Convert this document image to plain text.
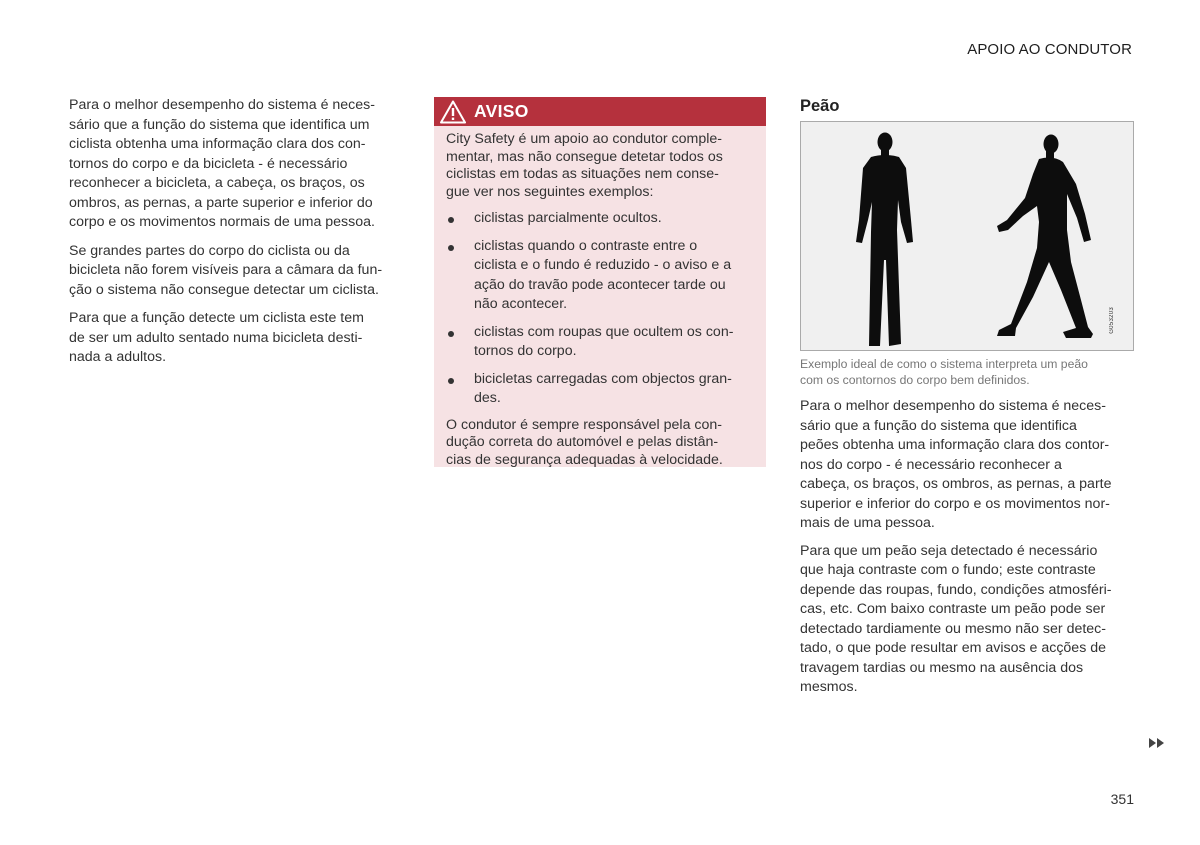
APOIO AO CONDUTOR

Para o melhor desempenho do sistema é neces-
sário que a função do sistema que identifica um
ciclista obtenha uma informação clara dos con-
tornos do corpo e da bicicleta - é necessário
reconhecer a bicicleta, a cabeça, os braços, os
ombros, as pernas, a parte superior e inferior do
corpo e os movimentos normais de uma pessoa.

Se grandes partes do corpo do ciclista ou da
bicicleta não forem visíveis para a câmara da fun-
ção o sistema não consegue detectar um ciclista.

Para que a função detecte um ciclista este tem
de ser um adulto sentado numa bicicleta desti-
nada a adultos.

AVISO

City Safety é um apoio ao condutor comple-
mentar, mas não consegue detetar todos os
ciclistas em todas as situações nem conse-
gue ver nos seguintes exemplos:

ciclistas parcialmente ocultos.
ciclistas quando o contraste entre o
ciclista e o fundo é reduzido - o aviso e a
ação do travão pode acontecer tarde ou
não acontecer.
ciclistas com roupas que ocultem os con-
tornos do corpo.
bicicletas carregadas com objectos gran-
des.

O condutor é sempre responsável pela con-
dução correta do automóvel e pelas distân-
cias de segurança adequadas à velocidade.

Peão
G053203
Exemplo ideal de como o sistema interpreta um peão
com os contornos do corpo bem definidos.

Para o melhor desempenho do sistema é neces-
sário que a função do sistema que identifica
peões obtenha uma informação clara dos contor-
nos do corpo - é necessário reconhecer a
cabeça, os braços, os ombros, as pernas, a parte
superior e inferior do corpo e os movimentos nor-
mais de uma pessoa.

Para que um peão seja detectado é necessário
que haja contraste com o fundo; este contraste
depende das roupas, fundo, condições atmosféri-
cas, etc. Com baixo contraste um peão pode ser
detectado tardiamente ou mesmo não ser detec-
tado, o que pode resultar em avisos e acções de
travagem tardias ou mesmo na ausência dos
mesmos.

351
